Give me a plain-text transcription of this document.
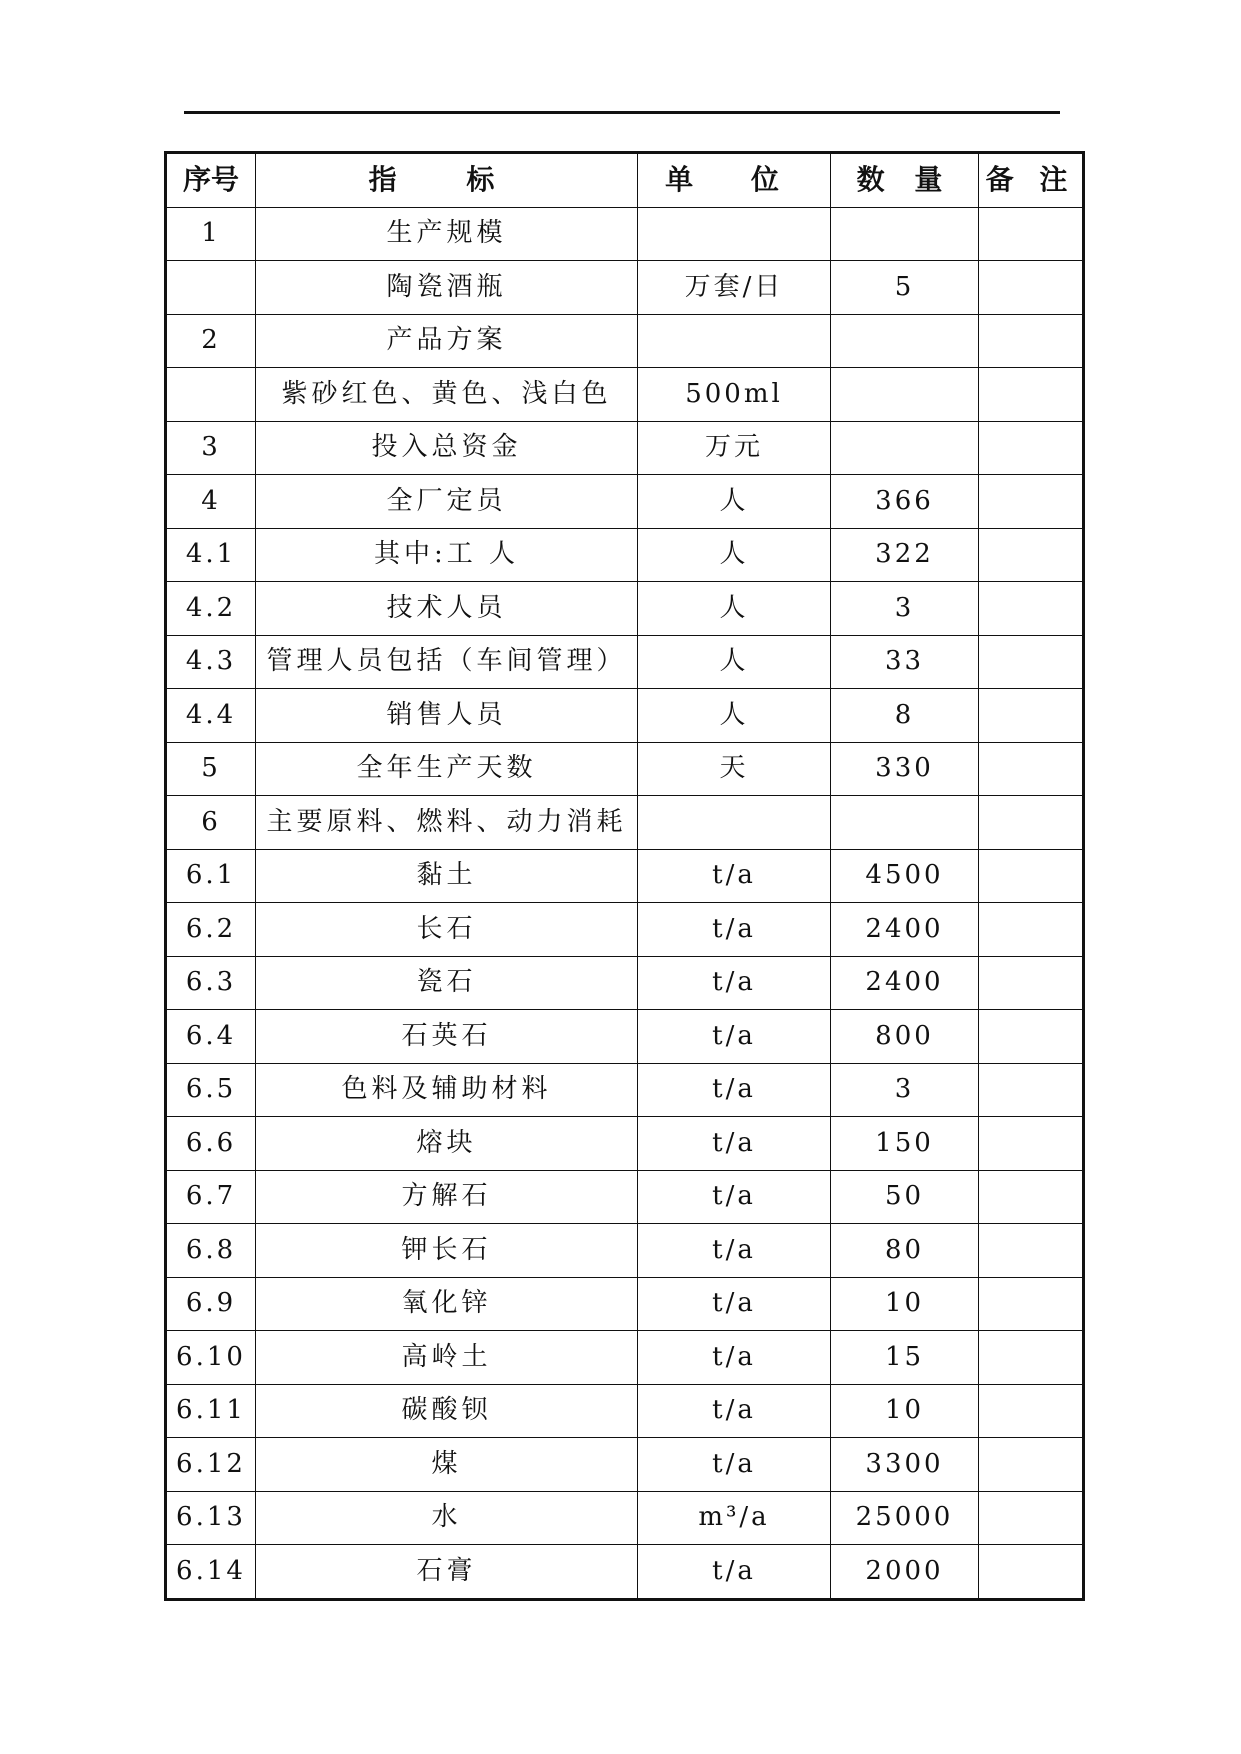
序号	指 标	单 位	数 量	备 注
1	生产规模			
	陶瓷酒瓶	万套/日	5	
2	产品方案			
	紫砂红色、黄色、浅白色	500ml		
3	投入总资金	万元		
4	全厂定员	人	366	
4.1	其中:工 人	人	322	
4.2	技术人员	人	3	
4.3	管理人员包括（车间管理）	人	33	
4.4	销售人员	人	8	
5	全年生产天数	天	330	
6	主要原料、燃料、动力消耗			
6.1	黏土	t/a	4500	
6.2	长石	t/a	2400	
6.3	瓷石	t/a	2400	
6.4	石英石	t/a	800	
6.5	色料及辅助材料	t/a	3	
6.6	熔块	t/a	150	
6.7	方解石	t/a	50	
6.8	钾长石	t/a	80	
6.9	氧化锌	t/a	10	
6.10	高岭土	t/a	15	
6.11	碳酸钡	t/a	10	
6.12	煤	t/a	3300	
6.13	水	m³/a	25000	
6.14	石膏	t/a	2000	
